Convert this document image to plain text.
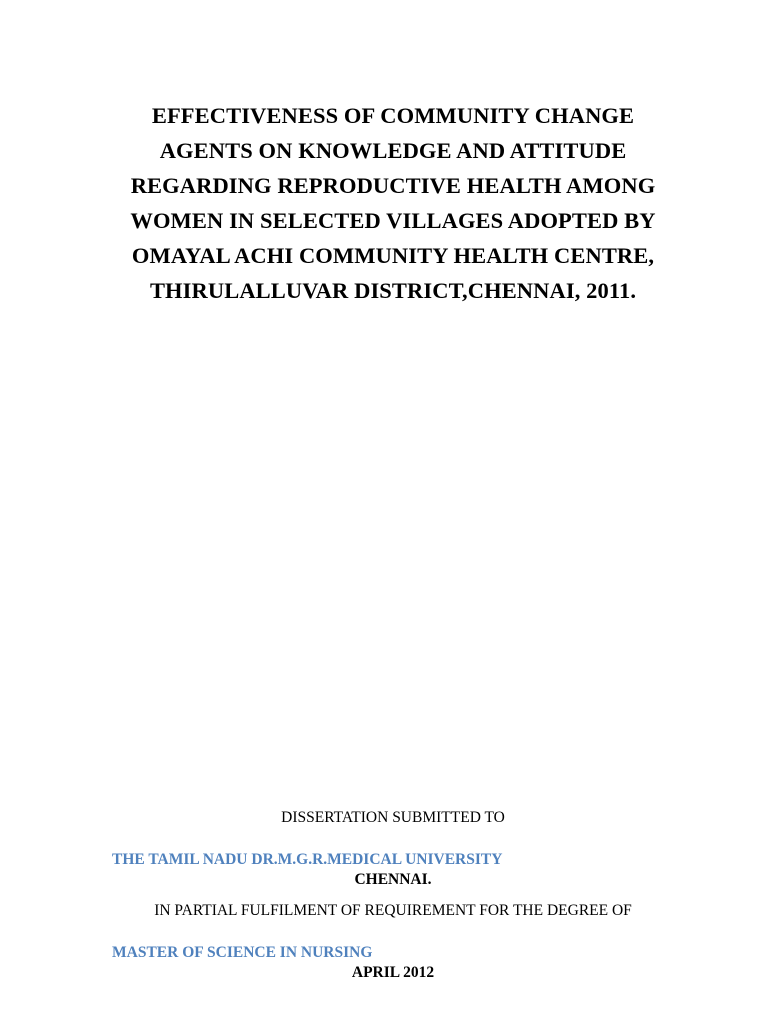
EFFECTIVENESS OF COMMUNITY CHANGE
AGENTS ON KNOWLEDGE AND ATTITUDE
REGARDING REPRODUCTIVE HEALTH AMONG
WOMEN IN SELECTED VILLAGES ADOPTED BY
OMAYAL ACHI COMMUNITY HEALTH CENTRE,
THIRULALLUVAR DISTRICT,CHENNAI, 2011.

DISSERTATION SUBMITTED TO

THE TAMIL NADU DR.M.G.R.MEDICAL UNIVERSITY

CHENNAI.

IN PARTIAL FULFILMENT OF REQUIREMENT FOR THE DEGREE OF

MASTER OF SCIENCE IN NURSING

APRIL 2012
